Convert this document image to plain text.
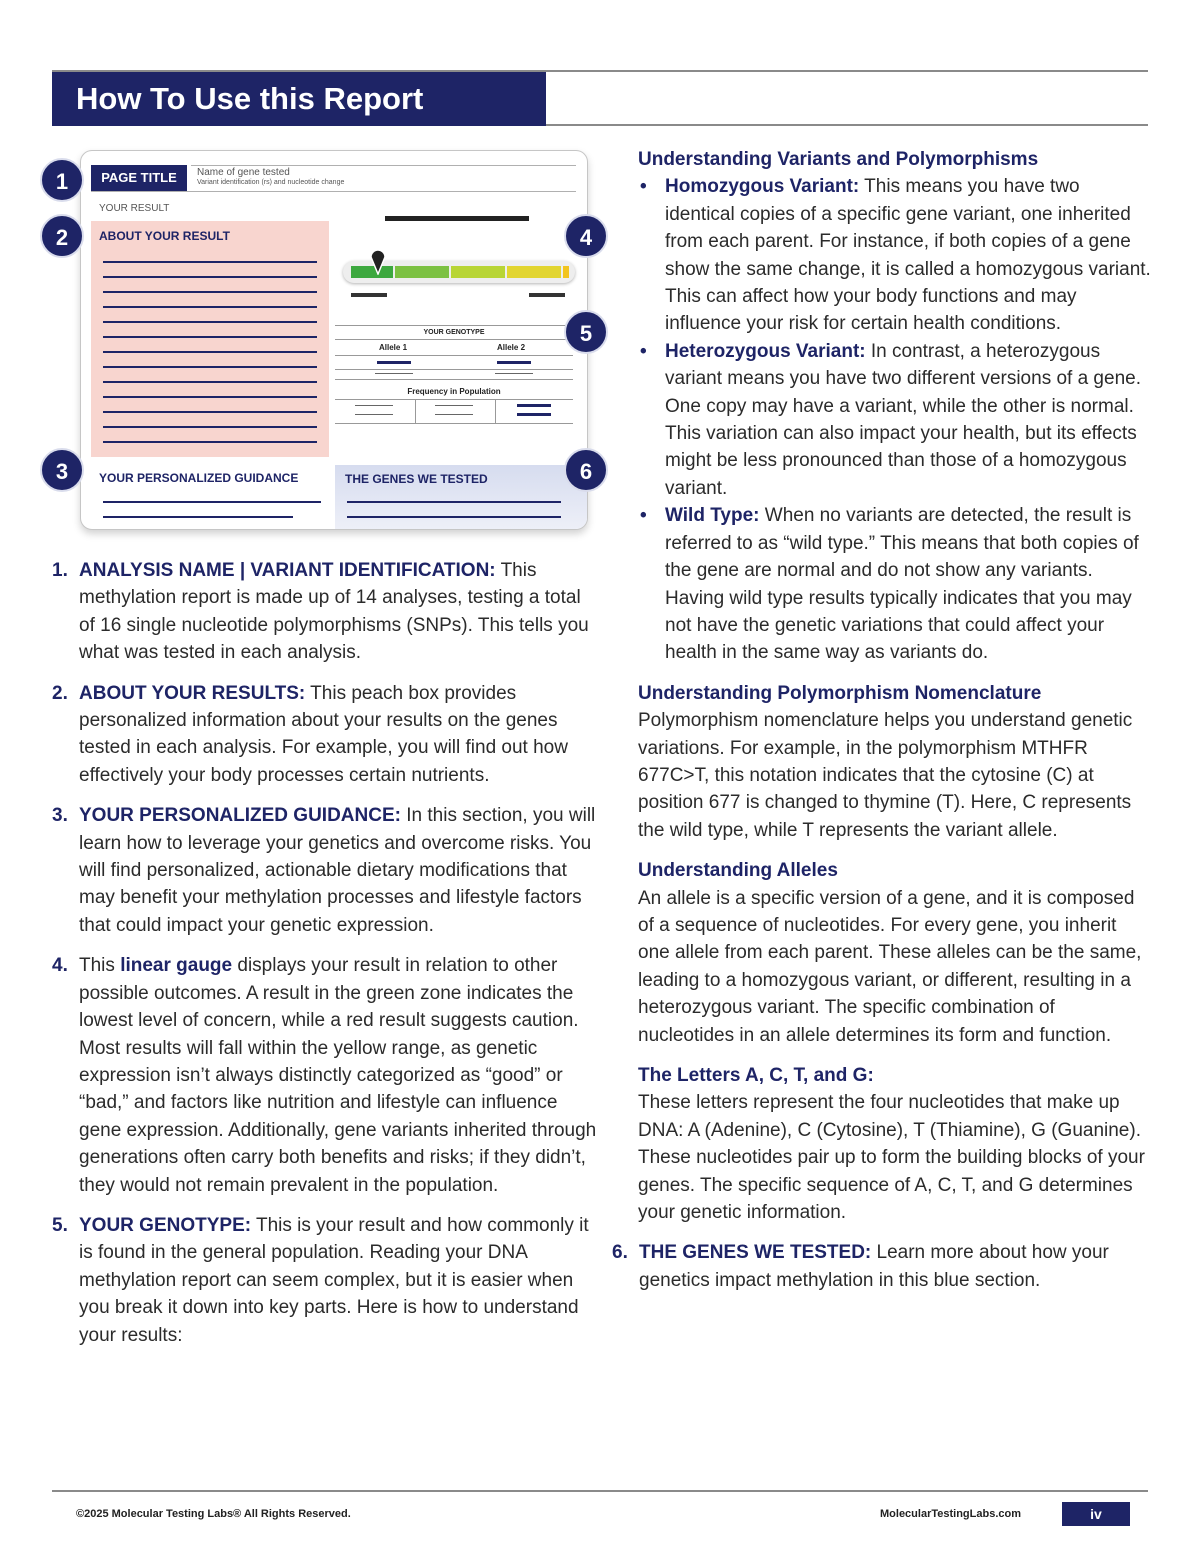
How To Use this Report
PAGE TITLE	Name of gene tested
Variant identification (rs) and nucleotide change
YOUR RESULT
ABOUT YOUR RESULT
YOUR GENOTYPE
Allele 1	Allele 2
Frequency in Population
YOUR PERSONALIZED GUIDANCE	THE GENES WE TESTED
1
2
3
4
5
6
1. ANALYSIS NAME | VARIANT IDENTIFICATION: This methylation report is made up of 14 analyses, testing a total of 16 single nucleotide polymorphisms (SNPs). This tells you what was tested in each analysis.
2. ABOUT YOUR RESULTS: This peach box provides personalized information about your results on the genes tested in each analysis. For example, you will find out how effectively your body processes certain nutrients.
3. YOUR PERSONALIZED GUIDANCE: In this section, you will learn how to leverage your genetics and overcome risks. You will find personalized, actionable dietary modifications that may benefit your methylation processes and lifestyle factors that could impact your genetic expression.
4. This linear gauge displays your result in relation to other possible outcomes. A result in the green zone indicates the lowest level of concern, while a red result suggests caution. Most results will fall within the yellow range, as genetic expression isn’t always distinctly categorized as “good” or “bad,” and factors like nutrition and lifestyle can influence gene expression. Additionally, gene variants inherited through generations often carry both benefits and risks; if they didn’t, they would not remain prevalent in the population.
5. YOUR GENOTYPE: This is your result and how commonly it is found in the general population. Reading your DNA methylation report can seem complex, but it is easier when you break it down into key parts. Here is how to understand your results:
Understanding Variants and Polymorphisms
• Homozygous Variant: This means you have two identical copies of a specific gene variant, one inherited from each parent. For instance, if both copies of a gene show the same change, it is called a homozygous variant. This can affect how your body functions and may influence your risk for certain health conditions.
• Heterozygous Variant: In contrast, a heterozygous variant means you have two different versions of a gene. One copy may have a variant, while the other is normal. This variation can also impact your health, but its effects might be less pronounced than those of a homozygous variant.
• Wild Type: When no variants are detected, the result is referred to as “wild type.” This means that both copies of the gene are normal and do not show any variants. Having wild type results typically indicates that you may not have the genetic variations that could affect your health in the same way as variants do.
Understanding Polymorphism Nomenclature
Polymorphism nomenclature helps you understand genetic variations. For example, in the polymorphism MTHFR 677C>T, this notation indicates that the cytosine (C) at position 677 is changed to thymine (T). Here, C represents the wild type, while T represents the variant allele.
Understanding Alleles
An allele is a specific version of a gene, and it is composed of a sequence of nucleotides. For every gene, you inherit one allele from each parent. These alleles can be the same, leading to a homozygous variant, or different, resulting in a heterozygous variant. The specific combination of nucleotides in an allele determines its form and function.
The Letters A, C, T, and G:
These letters represent the four nucleotides that make up DNA: A (Adenine), C (Cytosine), T (Thiamine), G (Guanine).
These nucleotides pair up to form the building blocks of your genes. The specific sequence of A, C, T, and G determines your genetic information.
6. THE GENES WE TESTED: Learn more about how your genetics impact methylation in this blue section.
©2025 Molecular Testing Labs® All Rights Reserved.	MolecularTestingLabs.com	iv
